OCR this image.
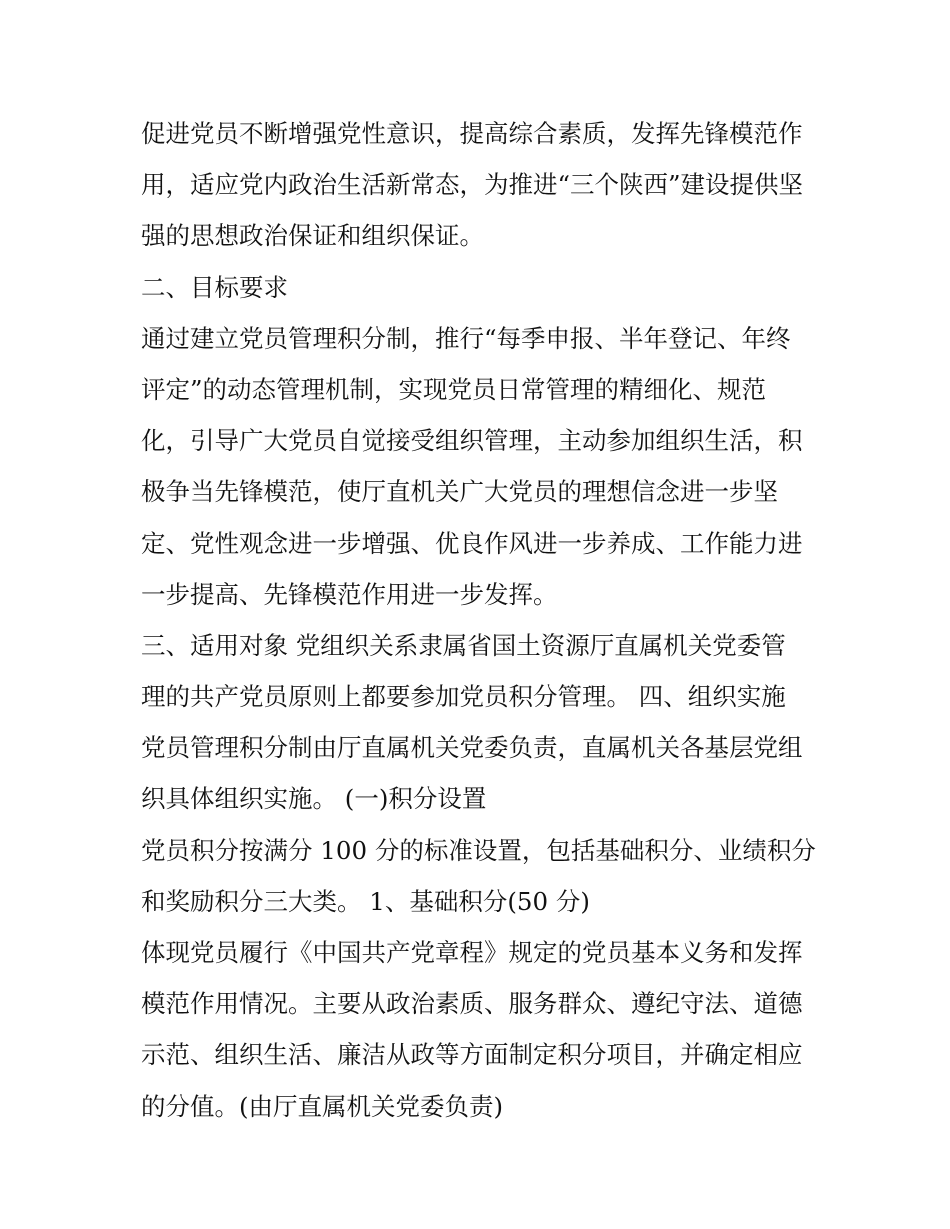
促进党员不断增强党性意识，提高综合素质，发挥先锋模范作
用，适应党内政治生活新常态，为推进“三个陕西”建设提供坚
强的思想政治保证和组织保证。
二、目标要求
通过建立党员管理积分制，推行“每季申报、半年登记、年终
评定”的动态管理机制，实现党员日常管理的精细化、规范
化，引导广大党员自觉接受组织管理，主动参加组织生活，积
极争当先锋模范，使厅直机关广大党员的理想信念进一步坚
定、党性观念进一步增强、优良作风进一步养成、工作能力进
一步提高、先锋模范作用进一步发挥。
三、适用对象 党组织关系隶属省国土资源厅直属机关党委管
理的共产党员原则上都要参加党员积分管理。 四、组织实施
党员管理积分制由厅直属机关党委负责，直属机关各基层党组
织具体组织实施。 (一)积分设置
党员积分按满分 100 分的标准设置，包括基础积分、业绩积分
和奖励积分三大类。 1、基础积分(50 分)
体现党员履行《中国共产党章程》规定的党员基本义务和发挥
模范作用情况。主要从政治素质、服务群众、遵纪守法、道德
示范、组织生活、廉洁从政等方面制定积分项目，并确定相应
的分值。(由厅直属机关党委负责)
